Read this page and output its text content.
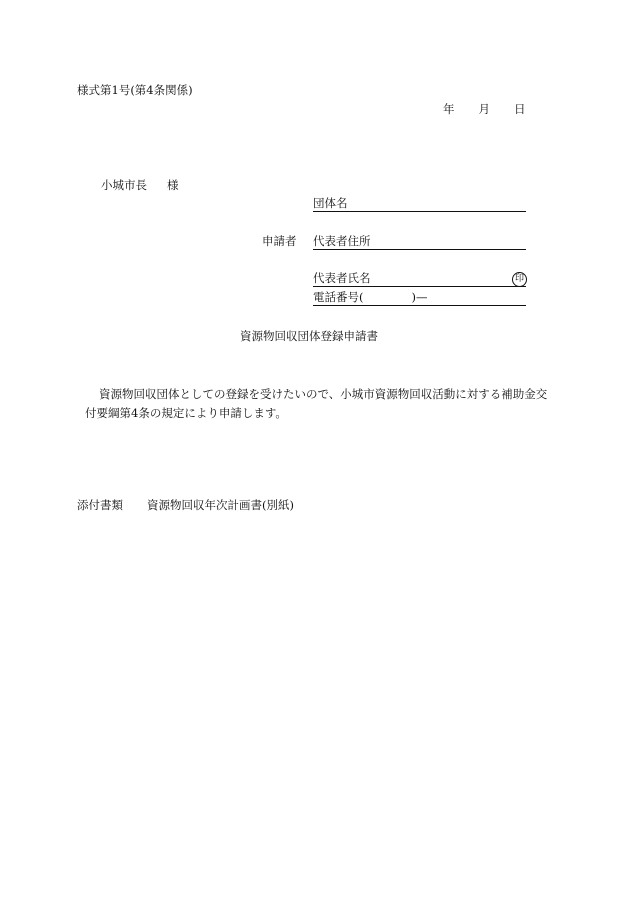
様式第1号(第4条関係)
年 月 日
小城市長 様
団体名
申請者 代表者住所
代表者氏名	印
電話番号(	)—
資源物回収団体登録申請書
資源物回収団体としての登録を受けたいので、小城市資源物回収活動に対する補助金交付要綱第4条の規定により申請します。
添付書類 資源物回収年次計画書(別紙)
